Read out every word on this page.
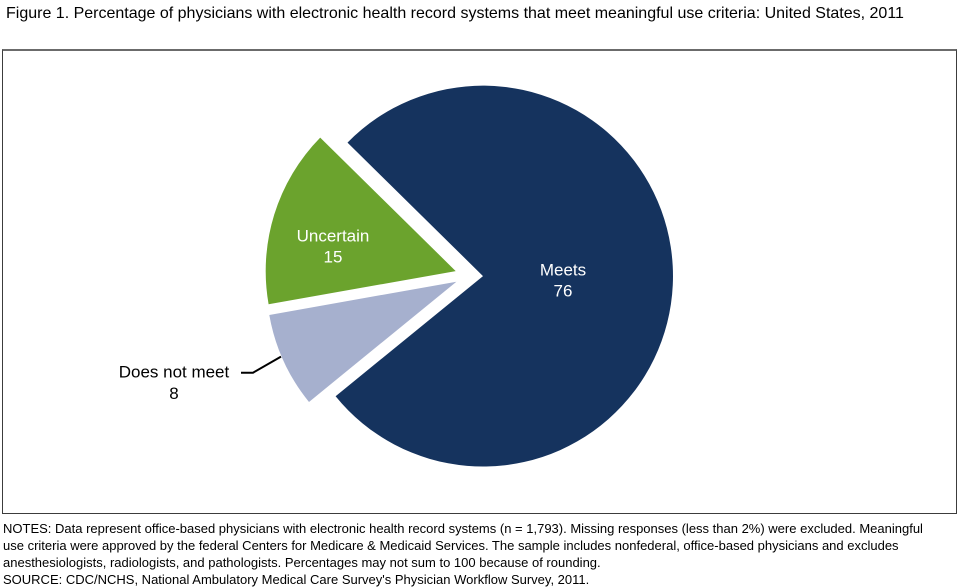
Figure 1. Percentage of physicians with electronic health record systems that meet meaningful use criteria: United States, 2011
Meets 76
Uncertain 15
Does not meet 8
NOTES: Data represent office-based physicians with electronic health record systems (n = 1,793). Missing responses (less than 2%) were excluded. Meaningful
use criteria were approved by the federal Centers for Medicare & Medicaid Services. The sample includes nonfederal, office-based physicians and excludes
anesthesiologists, radiologists, and pathologists. Percentages may not sum to 100 because of rounding.
SOURCE: CDC/NCHS, National Ambulatory Medical Care Survey's Physician Workflow Survey, 2011.
